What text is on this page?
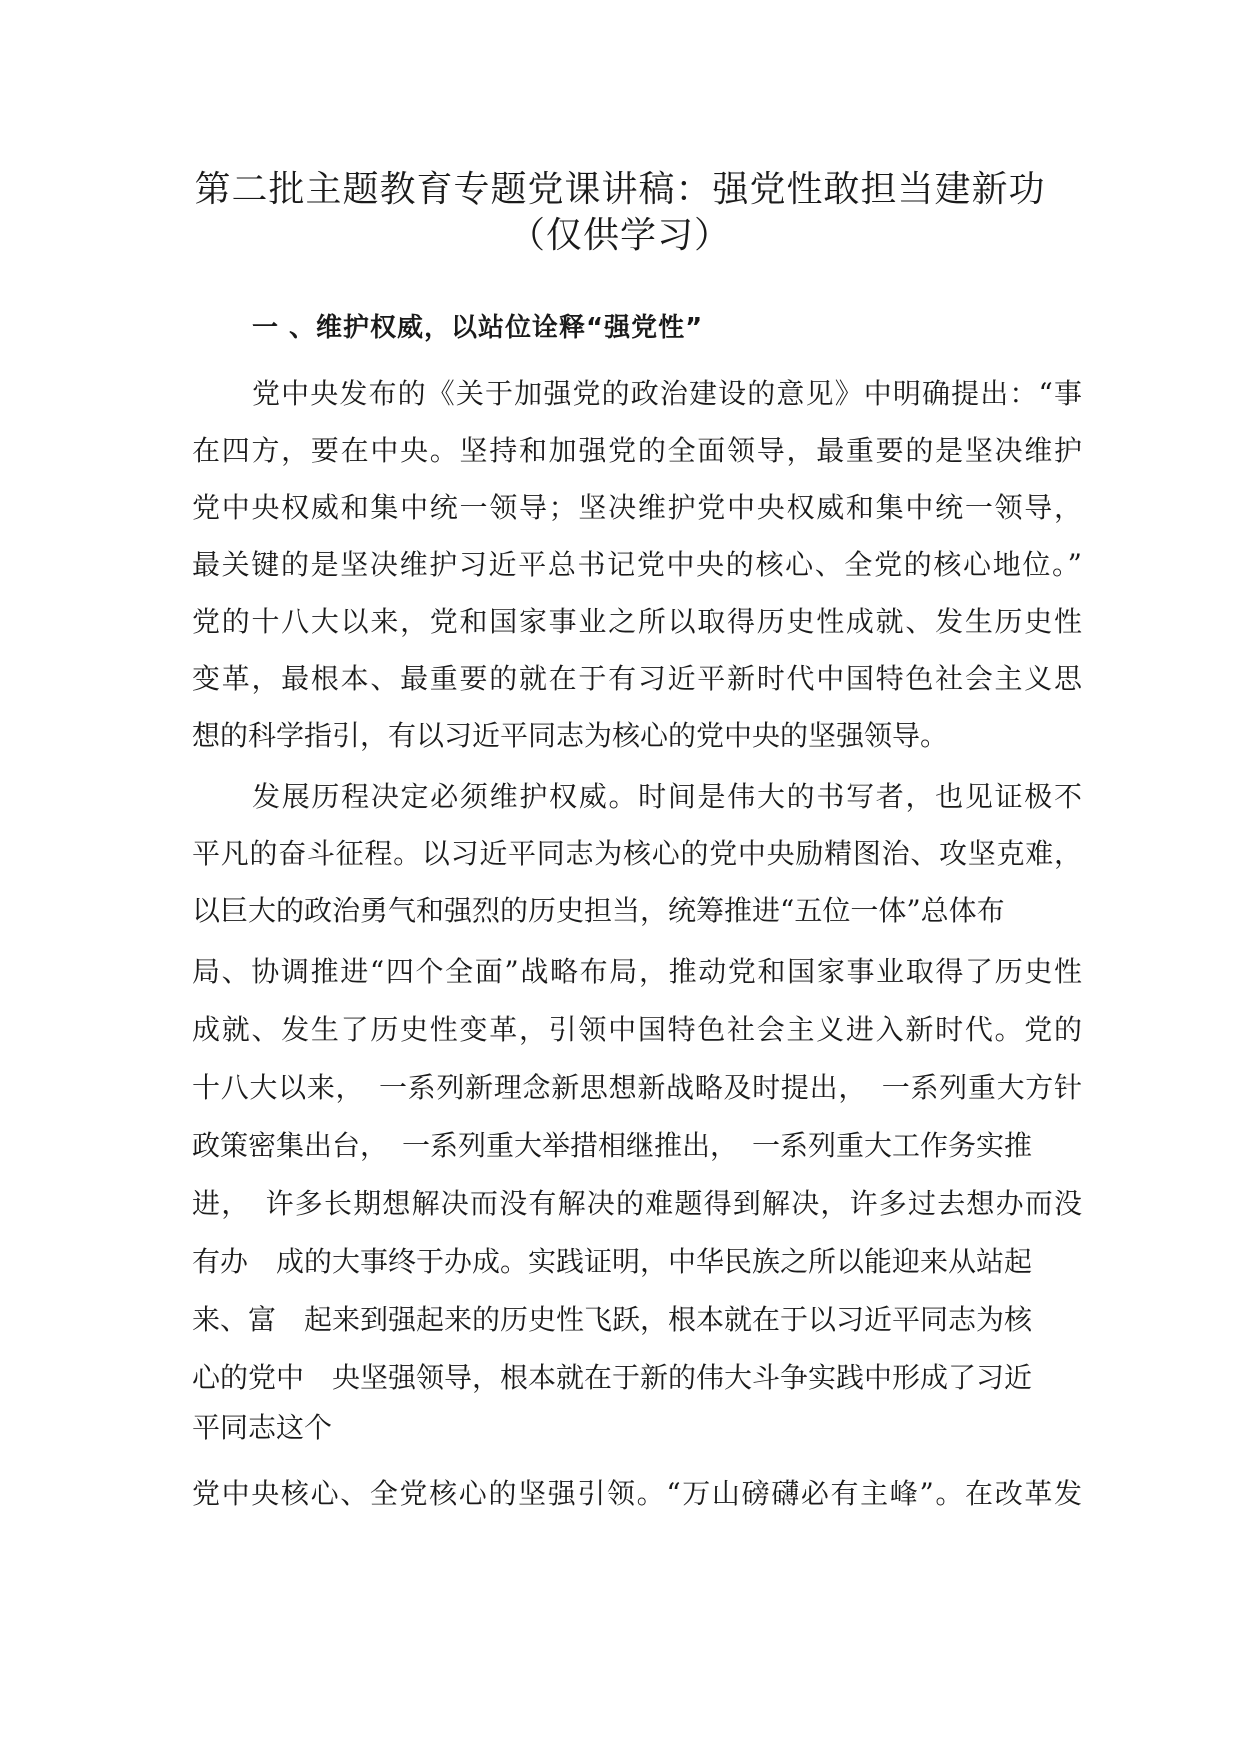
第二批主题教育专题党课讲稿：强党性敢担当建新功
（仅供学习）
一 、维护权威，以站位诠释“强党性”

党中央发布的《关于加强党的政治建设的意见》中明确提出：“事

在四方，要在中央。坚持和加强党的全面领导，最重要的是坚决维护

党中央权威和集中统一领导；坚决维护党中央权威和集中统一领导，

最关键的是坚决维护习近平总书记党中央的核心、全党的核心地位。”

党的十八大以来，党和国家事业之所以取得历史性成就、发生历史性

变革，最根本、最重要的就在于有习近平新时代中国特色社会主义思

想的科学指引，有以习近平同志为核心的党中央的坚强领导。

发展历程决定必须维护权威。时间是伟大的书写者，也见证极不

平凡的奋斗征程。以习近平同志为核心的党中央励精图治、攻坚克难，

以巨大的政治勇气和强烈的历史担当，统筹推进“五位一体”总体布

局、协调推进“四个全面”战略布局，推动党和国家事业取得了历史性

成就、发生了历史性变革，引领中国特色社会主义进入新时代。党的

十八大以来，　一系列新理念新思想新战略及时提出，　一系列重大方针

政策密集出台，　一系列重大举措相继推出，　一系列重大工作务实推

进，　许多长期想解决而没有解决的难题得到解决，许多过去想办而没

有办　成的大事终于办成。实践证明，中华民族之所以能迎来从站起

来、富　起来到强起来的历史性飞跃，根本就在于以习近平同志为核

心的党中　央坚强领导，根本就在于新的伟大斗争实践中形成了习近

平同志这个

党中央核心、全党核心的坚强引领。“万山磅礴必有主峰”。在改革发
